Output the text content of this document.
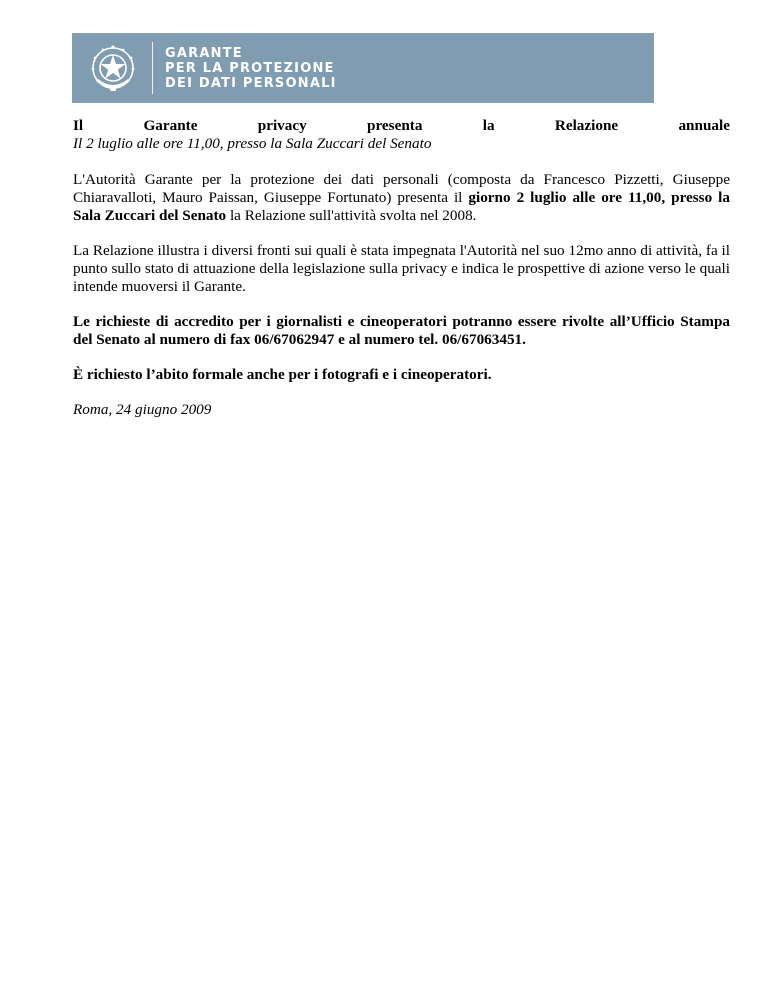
GARANTE
PER LA PROTEZIONE
DEI DATI PERSONALI
Il	Garante	privacy	presenta	la	Relazione	annuale
Il 2 luglio alle ore 11,00, presso la Sala Zuccari del Senato

L'Autorità Garante per la protezione dei dati personali (composta da Francesco Pizzetti, Giuseppe Chiaravalloti, Mauro Paissan, Giuseppe Fortunato) presenta il giorno 2 luglio alle ore 11,00, presso la Sala Zuccari del Senato la Relazione sull'attività svolta nel 2008.

La Relazione illustra i diversi fronti sui quali è stata impegnata l'Autorità nel suo 12mo anno di attività, fa il punto sullo stato di attuazione della legislazione sulla privacy e indica le prospettive di azione verso le quali intende muoversi il Garante.

Le richieste di accredito per i giornalisti e cineoperatori potranno essere rivolte all’Ufficio Stampa del Senato al numero di fax 06/67062947 e al numero tel. 06/67063451.

È richiesto l’abito formale anche per i fotografi e i cineoperatori.

Roma, 24 giugno 2009
